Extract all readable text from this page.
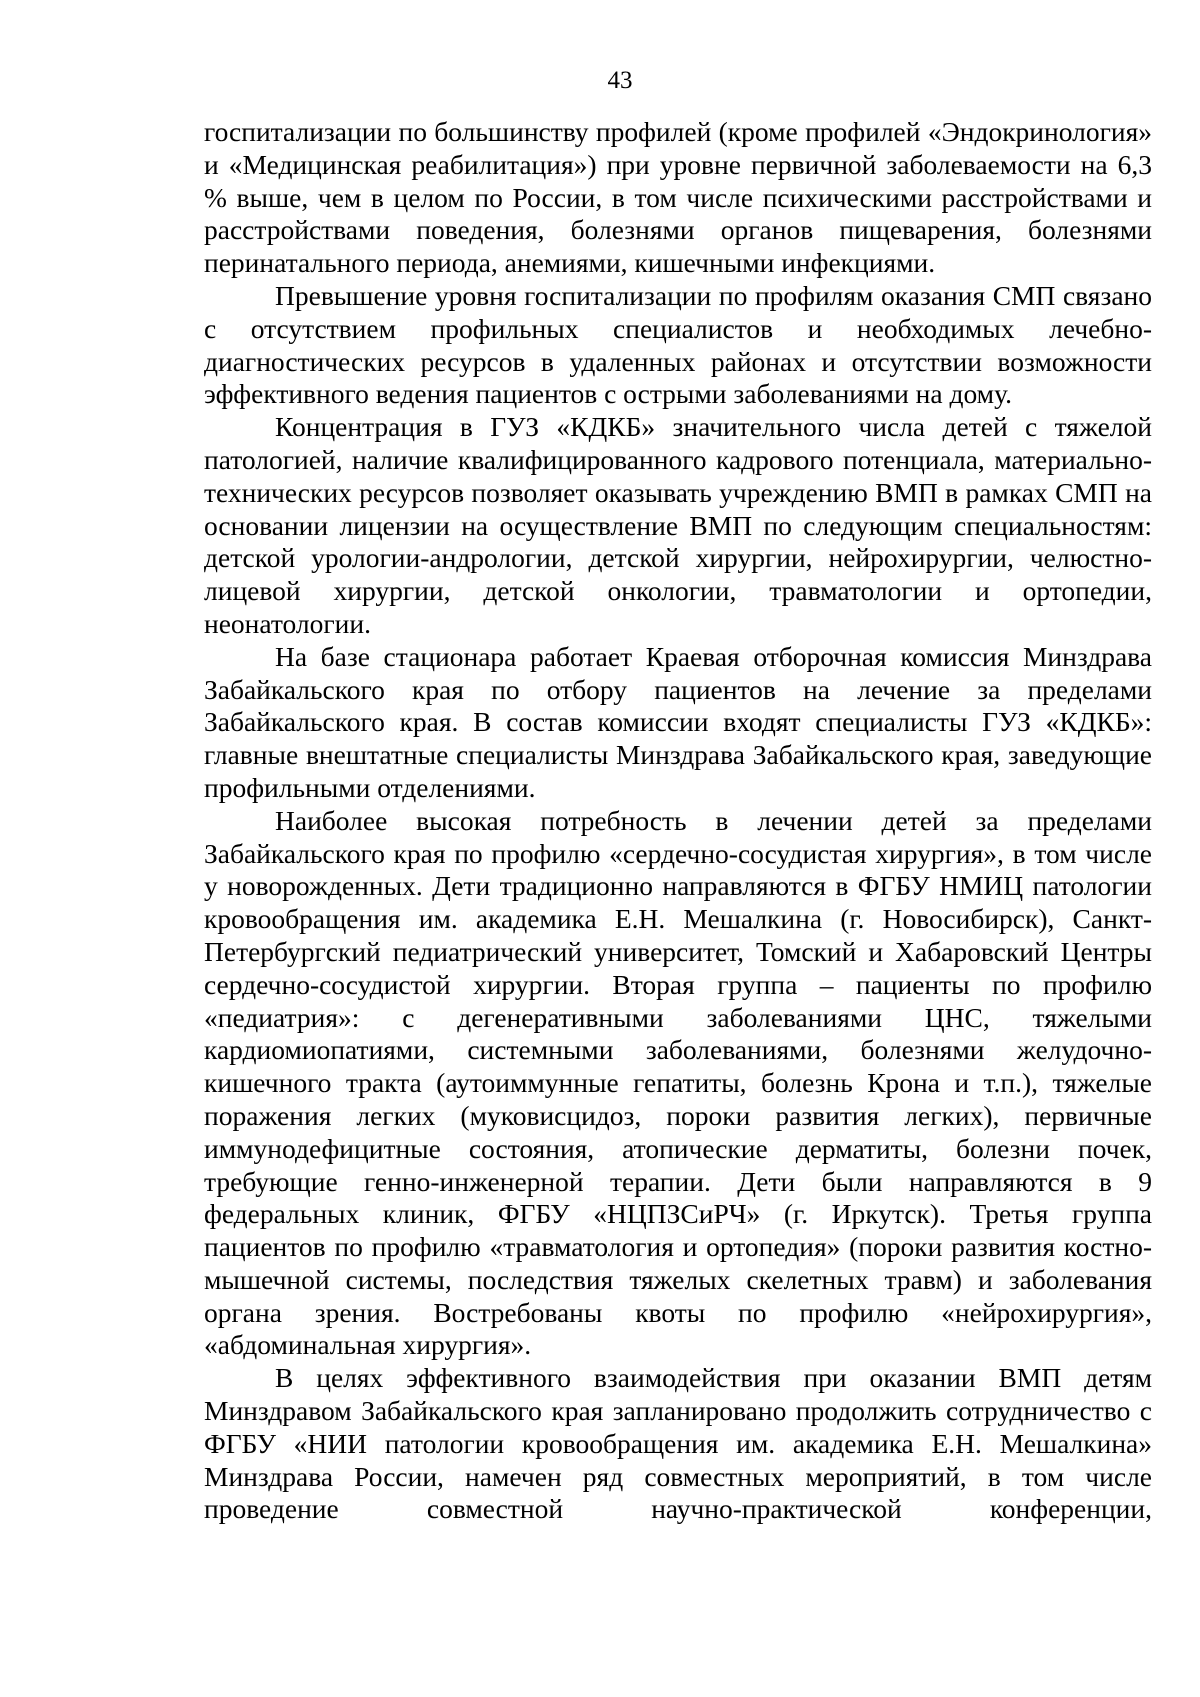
43

госпитализации по большинству профилей (кроме профилей «Эндокринология» и «Медицинская реабилитация») при уровне первичной заболеваемости на 6,3 % выше, чем в целом по России, в том числе психическими расстройствами и расстройствами поведения, болезнями органов пищеварения, болезнями перинатального периода, анемиями, кишечными инфекциями.

Превышение уровня госпитализации по профилям оказания СМП связано с отсутствием профильных специалистов и необходимых лечебно-диагностических ресурсов в удаленных районах и отсутствии возможности эффективного ведения пациентов с острыми заболеваниями на дому.

Концентрация в ГУЗ «КДКБ» значительного числа детей с тяжелой патологией, наличие квалифицированного кадрового потенциала, материально-технических ресурсов позволяет оказывать учреждению ВМП в рамках СМП на основании лицензии на осуществление ВМП по следующим специальностям: детской урологии-андрологии, детской хирургии, нейрохирургии, челюстно-лицевой хирургии, детской онкологии, травматологии и ортопедии, неонатологии.

На базе стационара работает Краевая отборочная комиссия Минздрава Забайкальского края по отбору пациентов на лечение за пределами Забайкальского края. В состав комиссии входят специалисты ГУЗ «КДКБ»: главные внештатные специалисты Минздрава Забайкальского края, заведующие профильными отделениями.

Наиболее высокая потребность в лечении детей за пределами Забайкальского края по профилю «сердечно-сосудистая хирургия», в том числе у новорожденных. Дети традиционно направляются в ФГБУ НМИЦ патологии кровообращения им. академика Е.Н. Мешалкина (г. Новосибирск), Санкт-Петербургский педиатрический университет, Томский и Хабаровский Центры сердечно-сосудистой хирургии. Вторая группа – пациенты по профилю «педиатрия»: с дегенеративными заболеваниями ЦНС, тяжелыми кардиомиопатиями, системными заболеваниями, болезнями желудочно-кишечного тракта (аутоиммунные гепатиты, болезнь Крона и т.п.), тяжелые поражения легких (муковисцидоз, пороки развития легких), первичные иммунодефицитные состояния, атопические дерматиты, болезни почек, требующие генно-инженерной терапии. Дети были направляются в 9 федеральных клиник, ФГБУ «НЦПЗСиРЧ» (г. Иркутск). Третья группа пациентов по профилю «травматология и ортопедия» (пороки развития костно-мышечной системы, последствия тяжелых скелетных травм) и заболевания органа зрения. Востребованы квоты по профилю «нейрохирургия», «абдоминальная хирургия».

В целях эффективного взаимодействия при оказании ВМП детям Минздравом Забайкальского края запланировано продолжить сотрудничество с ФГБУ «НИИ патологии кровообращения им. академика Е.Н. Мешалкина» Минздрава России, намечен ряд совместных мероприятий, в том числе проведение совместной научно-практической конференции,
